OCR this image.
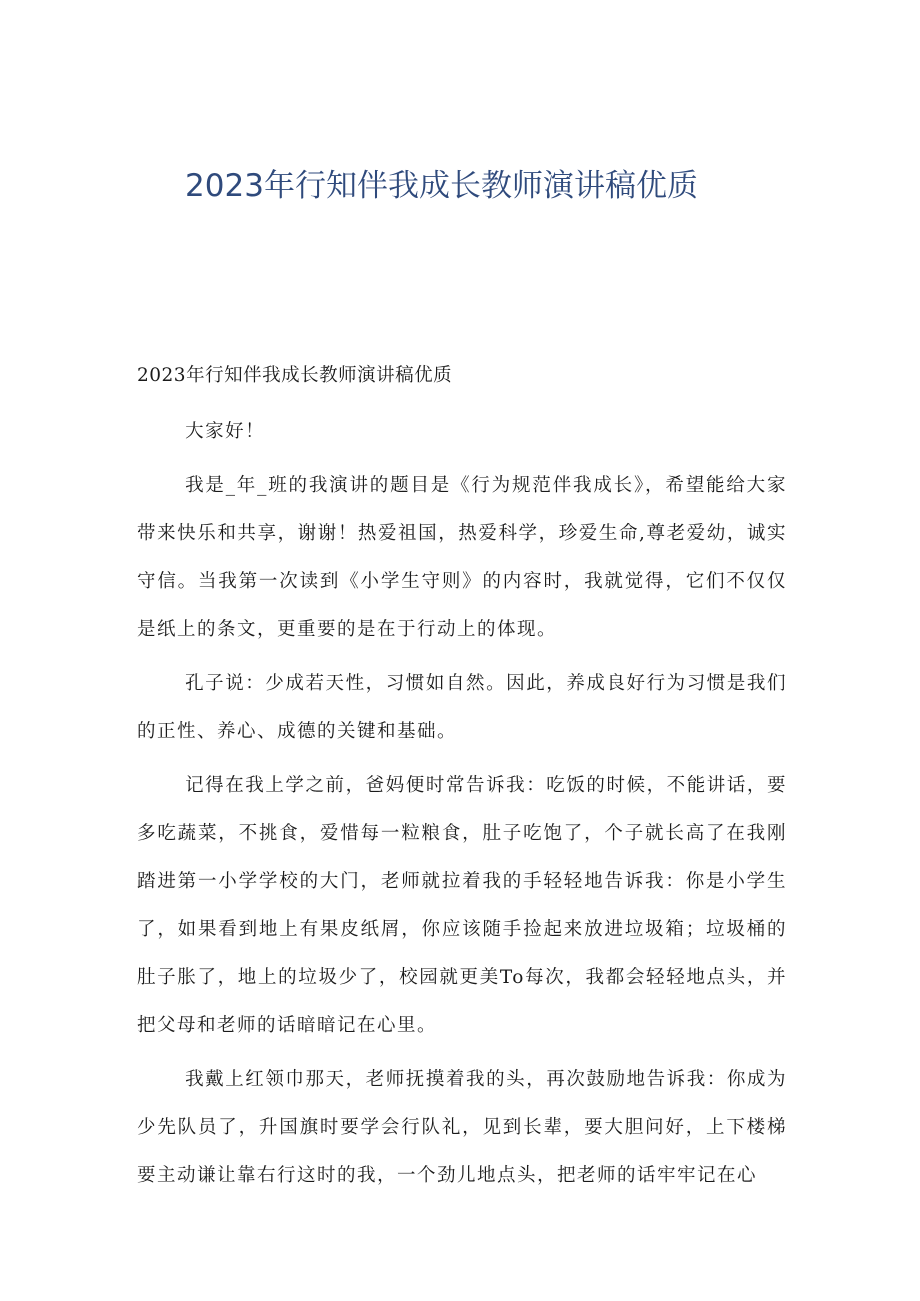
2023年行知伴我成长教师演讲稿优质

2023年行知伴我成长教师演讲稿优质

大家好！

我是_年_班的我演讲的题目是《行为规范伴我成长》，希望能给大家带来快乐和共享，谢谢！热爱祖国，热爱科学，珍爱生命,尊老爱幼，诚实守信。当我第一次读到《小学生守则》的内容时，我就觉得，它们不仅仅是纸上的条文，更重要的是在于行动上的体现。

孔子说：少成若天性，习惯如自然。因此，养成良好行为习惯是我们的正性、养心、成德的关键和基础。

记得在我上学之前，爸妈便时常告诉我：吃饭的时候，不能讲话，要多吃蔬菜，不挑食，爱惜每一粒粮食，肚子吃饱了，个子就长高了在我刚踏进第一小学学校的大门，老师就拉着我的手轻轻地告诉我：你是小学生了，如果看到地上有果皮纸屑，你应该随手捡起来放进垃圾箱；垃圾桶的肚子胀了，地上的垃圾少了，校园就更美To每次，我都会轻轻地点头，并把父母和老师的话暗暗记在心里。

我戴上红领巾那天，老师抚摸着我的头，再次鼓励地告诉我：你成为少先队员了，升国旗时要学会行队礼，见到长辈，要大胆问好，上下楼梯要主动谦让靠右行这时的我，一个劲儿地点头，把老师的话牢牢记在心
